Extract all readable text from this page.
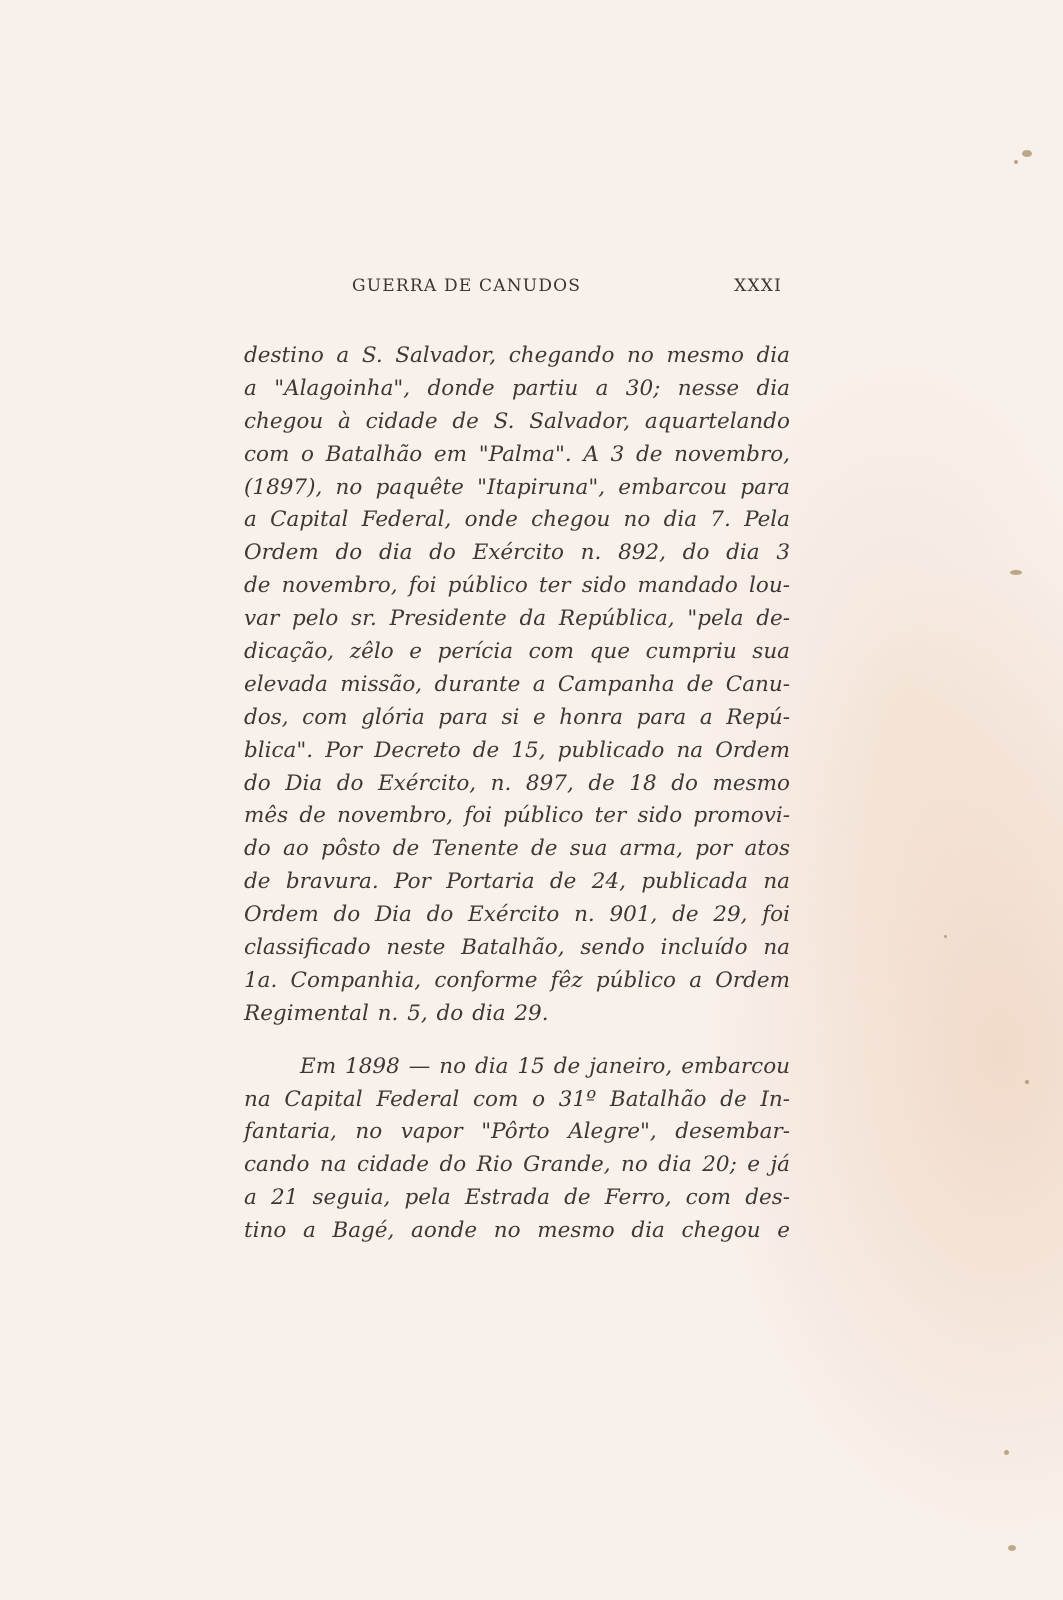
GUERRA DE CANUDOS	XXXI
destino a S. Salvador, chegando no mesmo dia
a "Alagoinha", donde partiu a 30; nesse dia
chegou à cidade de S. Salvador, aquartelando
com o Batalhão em "Palma". A 3 de novembro,
(1897), no paquête "Itapiruna", embarcou para
a Capital Federal, onde chegou no dia 7. Pela
Ordem do dia do Exército n. 892, do dia 3
de novembro, foi público ter sido mandado lou-
var pelo sr. Presidente da República, "pela de-
dicação, zêlo e perícia com que cumpriu sua
elevada missão, durante a Campanha de Canu-
dos, com glória para si e honra para a Repú-
blica". Por Decreto de 15, publicado na Ordem
do Dia do Exército, n. 897, de 18 do mesmo
mês de novembro, foi público ter sido promovi-
do ao pôsto de Tenente de sua arma, por atos
de bravura. Por Portaria de 24, publicada na
Ordem do Dia do Exército n. 901, de 29, foi
classificado neste Batalhão, sendo incluído na
1a. Companhia, conforme fêz público a Ordem
Regimental n. 5, do dia 29.
Em 1898 — no dia 15 de janeiro, embarcou
na Capital Federal com o 31º Batalhão de In-
fantaria, no vapor "Pôrto Alegre", desembar-
cando na cidade do Rio Grande, no dia 20; e já
a 21 seguia, pela Estrada de Ferro, com des-
tino a Bagé, aonde no mesmo dia chegou e
